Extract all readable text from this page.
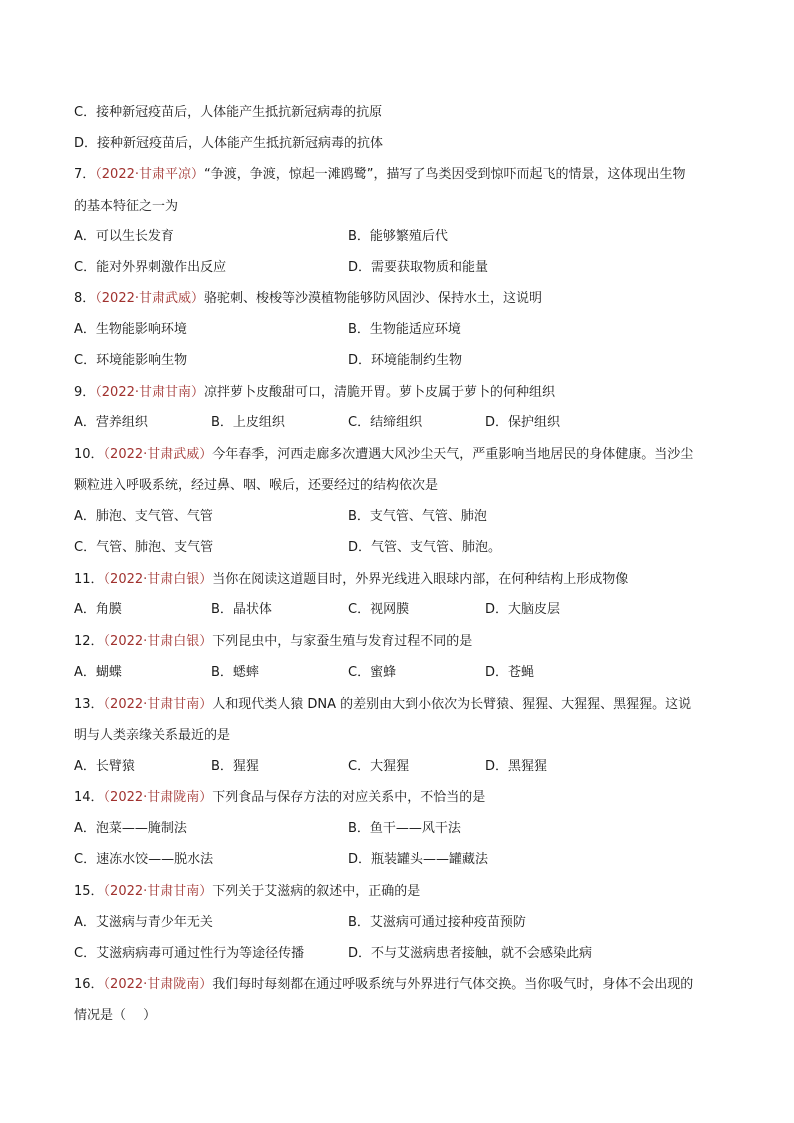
C．接种新冠疫苗后，人体能产生抵抗新冠病毒的抗原
D．接种新冠疫苗后，人体能产生抵抗新冠病毒的抗体
7．（2022·甘肃平凉）“争渡，争渡，惊起一滩鸥鹭”，描写了鸟类因受到惊吓而起飞的情景，这体现出生物
的基本特征之一为
A．可以生长发育	B．能够繁殖后代
C．能对外界刺激作出反应	D．需要获取物质和能量
8．（2022·甘肃武威）骆驼刺、梭梭等沙漠植物能够防风固沙、保持水土，这说明
A．生物能影响环境	B．生物能适应环境
C．环境能影响生物	D．环境能制约生物
9．（2022·甘肃甘南）凉拌萝卜皮酸甜可口，清脆开胃。萝卜皮属于萝卜的何种组织
A．营养组织	B．上皮组织	C．结缔组织	D．保护组织
10．（2022·甘肃武威）今年春季，河西走廊多次遭遇大风沙尘天气，严重影响当地居民的身体健康。当沙尘
颗粒进入呼吸系统，经过鼻、咽、喉后，还要经过的结构依次是
A．肺泡、支气管、气管	B．支气管、气管、肺泡
C．气管、肺泡、支气管	D．气管、支气管、肺泡。
11．（2022·甘肃白银）当你在阅读这道题目时，外界光线进入眼球内部，在何种结构上形成物像
A．角膜	B．晶状体	C．视网膜	D．大脑皮层
12．（2022·甘肃白银）下列昆虫中，与家蚕生殖与发育过程不同的是
A．蝴蝶	B．蟋蟀	C．蜜蜂	D．苍蝇
13．（2022·甘肃甘南）人和现代类人猿 DNA 的差别由大到小依次为长臂猿、猩猩、大猩猩、黑猩猩。这说
明与人类亲缘关系最近的是
A．长臂猿	B．猩猩	C．大猩猩	D．黑猩猩
14．（2022·甘肃陇南）下列食品与保存方法的对应关系中，不恰当的是
A．泡菜——腌制法	B．鱼干——风干法
C．速冻水饺——脱水法	D．瓶装罐头——罐藏法
15．（2022·甘肃甘南）下列关于艾滋病的叙述中，正确的是
A．艾滋病与青少年无关	B．艾滋病可通过接种疫苗预防
C．艾滋病病毒可通过性行为等途径传播	D．不与艾滋病患者接触，就不会感染此病
16．（2022·甘肃陇南）我们每时每刻都在通过呼吸系统与外界进行气体交换。当你吸气时，身体不会出现的
情况是（　 ）
